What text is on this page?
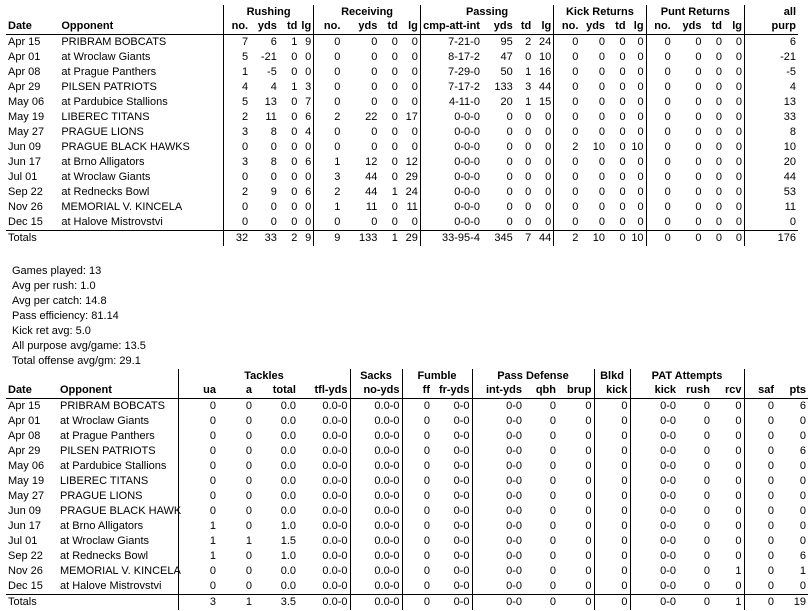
		Rushing				Receiving				Passing				Kick Returns				Punt Returns				all
Date	Opponent	no.	yds	td	lg	no.	yds	td	lg	cmp-att-int	yds	td	lg	no.	yds	td	lg	no.	yds	td	lg	purp
Apr 15	PRIBRAM BOBCATS	7	6	1	9	0	0	0	0	7-21-0	95	2	24	0	0	0	0	0	0	0	0	6
Apr 01	at Wroclaw Giants	5	-21	0	0	0	0	0	0	8-17-2	47	0	10	0	0	0	0	0	0	0	0	-21
Apr 08	at Prague Panthers	1	-5	0	0	0	0	0	0	7-29-0	50	1	16	0	0	0	0	0	0	0	0	-5
Apr 29	PILSEN PATRIOTS	4	4	1	3	0	0	0	0	7-17-2	133	3	44	0	0	0	0	0	0	0	0	4
May 06	at Pardubice Stallions	5	13	0	7	0	0	0	0	4-11-0	20	1	15	0	0	0	0	0	0	0	0	13
May 19	LIBEREC TITANS	2	11	0	6	2	22	0	17	0-0-0	0	0	0	0	0	0	0	0	0	0	0	33
May 27	PRAGUE LIONS	3	8	0	4	0	0	0	0	0-0-0	0	0	0	0	0	0	0	0	0	0	0	8
Jun 09	PRAGUE BLACK HAWKS	0	0	0	0	0	0	0	0	0-0-0	0	0	0	2	10	0	10	0	0	0	0	10
Jun 17	at Brno Alligators	3	8	0	6	1	12	0	12	0-0-0	0	0	0	0	0	0	0	0	0	0	0	20
Jul 01	at Wroclaw Giants	0	0	0	0	3	44	0	29	0-0-0	0	0	0	0	0	0	0	0	0	0	0	44
Sep 22	at Rednecks Bowl	2	9	0	6	2	44	1	24	0-0-0	0	0	0	0	0	0	0	0	0	0	0	53
Nov 26	MEMORIAL V. KINCELA	0	0	0	0	1	11	0	11	0-0-0	0	0	0	0	0	0	0	0	0	0	0	11
Dec 15	at Halove Mistrovstvi	0	0	0	0	0	0	0	0	0-0-0	0	0	0	0	0	0	0	0	0	0	0	0
Totals		32	33	2	9	9	133	1	29	33-95-4	345	7	44	2	10	0	10	0	0	0	0	176
Games played: 13
Avg per rush: 1.0
Avg per catch: 14.8
Pass efficiency: 81.14
Kick ret avg: 5.0
All purpose avg/game: 13.5
Total offense avg/gm: 29.1
		Tackles				Sacks	Fumble		Pass Defense			Blkd	PAT Attempts				
Date	Opponent	ua	a	total	tfl-yds	no-yds	ff	fr-yds	int-yds	qbh	brup	kick	kick	rush	rcv	saf	pts
Apr 15	PRIBRAM BOBCATS	0	0	0.0	0.0-0	0.0-0	0	0-0	0-0	0	0	0	0-0	0	0	0	6
Apr 01	at Wroclaw Giants	0	0	0.0	0.0-0	0.0-0	0	0-0	0-0	0	0	0	0-0	0	0	0	0
Apr 08	at Prague Panthers	0	0	0.0	0.0-0	0.0-0	0	0-0	0-0	0	0	0	0-0	0	0	0	0
Apr 29	PILSEN PATRIOTS	0	0	0.0	0.0-0	0.0-0	0	0-0	0-0	0	0	0	0-0	0	0	0	6
May 06	at Pardubice Stallions	0	0	0.0	0.0-0	0.0-0	0	0-0	0-0	0	0	0	0-0	0	0	0	0
May 19	LIBEREC TITANS	0	0	0.0	0.0-0	0.0-0	0	0-0	0-0	0	0	0	0-0	0	0	0	0
May 27	PRAGUE LIONS	0	0	0.0	0.0-0	0.0-0	0	0-0	0-0	0	0	0	0-0	0	0	0	0
Jun 09	PRAGUE BLACK HAWK	0	0	0.0	0.0-0	0.0-0	0	0-0	0-0	0	0	0	0-0	0	0	0	0
Jun 17	at Brno Alligators	1	0	1.0	0.0-0	0.0-0	0	0-0	0-0	0	0	0	0-0	0	0	0	0
Jul 01	at Wroclaw Giants	1	1	1.5	0.0-0	0.0-0	0	0-0	0-0	0	0	0	0-0	0	0	0	0
Sep 22	at Rednecks Bowl	1	0	1.0	0.0-0	0.0-0	0	0-0	0-0	0	0	0	0-0	0	0	0	6
Nov 26	MEMORIAL V. KINCELA	0	0	0.0	0.0-0	0.0-0	0	0-0	0-0	0	0	0	0-0	0	1	0	1
Dec 15	at Halove Mistrovstvi	0	0	0.0	0.0-0	0.0-0	0	0-0	0-0	0	0	0	0-0	0	0	0	0
Totals		3	1	3.5	0.0-0	0.0-0	0	0-0	0-0	0	0	0	0-0	0	1	0	19
